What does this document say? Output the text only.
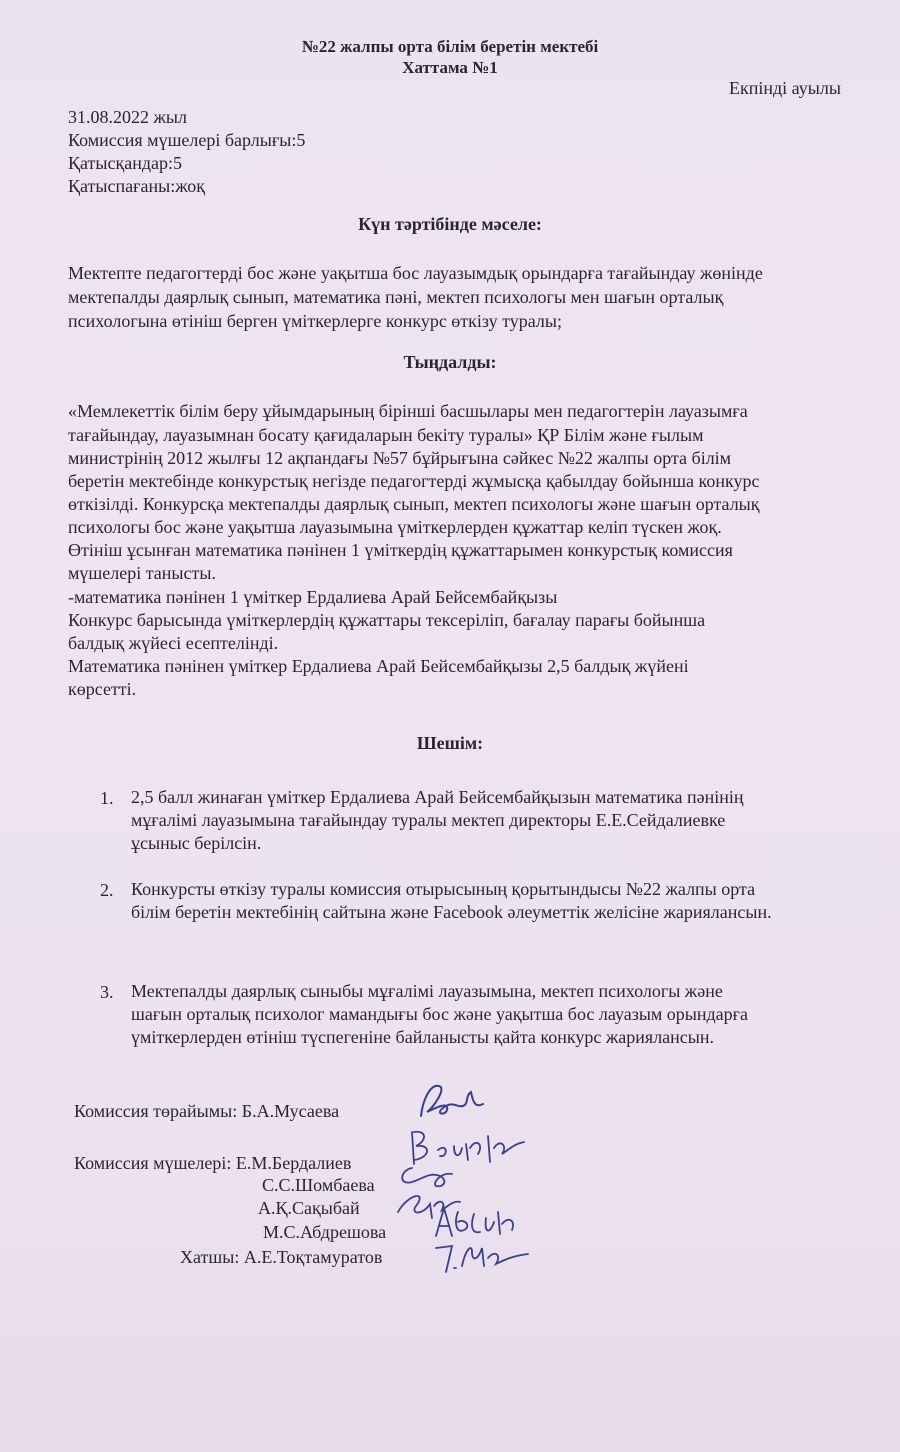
№22 жалпы орта білім беретін мектебі
Хаттама №1
Екпінді ауылы
31.08.2022 жыл
Комиссия мүшелері барлығы:5
Қатысқандар:5
Қатыспағаны:жоқ
Күн тәртібінде мәселе:
Мектепте педагогтерді бос және уақытша бос лауазымдық орындарға тағайындау жөнінде
мектепалды даярлық сынып, математика пәні, мектеп психологы мен шағын орталық
психологына өтініш берген үміткерлерге конкурс өткізу туралы;
Тыңдалды:
«Мемлекеттік білім беру ұйымдарының бірінші басшылары мен педагогтерін лауазымға
тағайындау, лауазымнан босату қағидаларын бекіту туралы» ҚР Білім және ғылым
министрінің 2012 жылғы 12 ақпандағы №57 бұйрығына сәйкес №22 жалпы орта білім
беретін мектебінде конкурстық негізде педагогтерді жұмысқа қабылдау бойынша конкурс
өткізілді. Конкурсқа мектепалды даярлық сынып, мектеп психологы және шағын орталық
психологы бос және уақытша лауазымына үміткерлерден құжаттар келіп түскен жоқ.
Өтініш ұсынған математика пәнінен 1 үміткердің құжаттарымен конкурстық комиссия
мүшелері танысты.
-математика пәнінен 1 үміткер Ердалиева Арай Бейсембайқызы
Конкурс барысында үміткерлердің құжаттары тексеріліп, бағалау парағы бойынша
балдық жүйесі есептелінді.
Математика пәнінен үміткер Ердалиева Арай Бейсембайқызы 2,5 балдық жүйені
көрсетті.
Шешім:
1. 2,5 балл жинаған үміткер Ердалиева Арай Бейсембайқызын математика пәнінің
мұғалімі лауазымына тағайындау туралы мектеп директоры Е.Е.Сейдалиевке
ұсыныс берілсін.
2. Конкурсты өткізу туралы комиссия отырысының қорытындысы №22 жалпы орта
білім беретін мектебінің сайтына және Facebook әлеуметтік желісіне жариялансын.
3. Мектепалды даярлық сыныбы мұғалімі лауазымына, мектеп психологы және
шағын орталық психолог мамандығы бос және уақытша бос лауазым орындарға
үміткерлерден өтініш түспегеніне байланысты қайта конкурс жариялансын.
Комиссия төрайымы: Б.А.Мусаева
Комиссия мүшелері: Е.М.Бердалиев
С.С.Шомбаева
А.Қ.Сақыбай
М.С.Абдрешова
Хатшы: А.Е.Тоқтамуратов
